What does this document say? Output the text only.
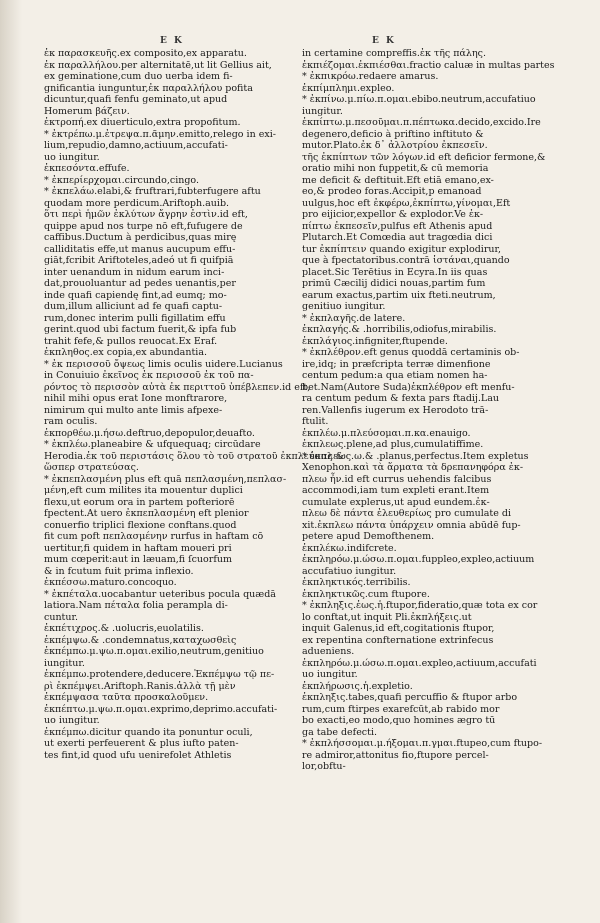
E K	E K
ἐκ παρασκευῆς.ex composito,ex apparatu.
ἐκ παραλλήλου.per alternitatē,ut lit Gellius ait,
ex geminatione,cum duo uerba idem fi-
gnificantia iunguntur,ἐκ παραλλήλου pofita
dicuntur,quafi fenfu geminato,ut apud
Homerum βάζειν.
ἐκτροπή.ex diuerticulo,extra propofitum.
* ἐκτρέπω.μ.ἐτρεψα.π.ᾶμην.emitto,relego in exi-
lium,repudio,damno,actiuum,accufati-
uo iungitur.
ἐκπεσόντα.effufe.
* ἐκπερίερχομαι.circundo,cingo.
* ἐκπελάω.elabi,& fruftrari,fubterfugere aftu
quodam more perdicum.Ariftoph.auib.
ὅτι περὶ ἡμῶν ἐκλύτων ἄγρην ἐστὶν.id eft,
quippe apud nos turpe nō eft,fufugere de
caffibus.Ductum à perdicibus,quas mirę
calliditatis effe,ut manus aucupum effu-
giāt,fcribit Ariftoteles,adeó ut fi quifpiā
inter uenandum in nidum earum inci-
dat,prouoluantur ad pedes uenantis,per
inde quafi capiendę fint,ad eumq; mo-
dum,illum alliciunt ad fe quafi captu-
rum,donec interim pulli figillatim effu
gerint.quod ubi factum fuerit,& ipfa fub
trahit fefe,& pullos reuocat.Ex Eraf.
ἐκπληθος.ex copia,ex abundantia.
* ἐκ περισσοῦ ὄψεως limis oculis uidere.Lucianus
in Conuiuio ἐκεῖνος ἐκ περισσοῦ ἐκ τοῦ πα-
ρόντος τὸ περισσὸν αὐτὰ ἐκ περιττοῦ ὑπέβλεπεν.id eft,
nihil mihi opus erat Ione monftrarore,
nimirum qui multo ante limis afpexe-
ram oculis.
ἐκπορθέω.μ.ήσω.deftruo,depopulor,deuafto.
* ἐκπλέω.planeabire & ufquequaq; circūdare
Herodia.ἐκ τοῦ περιστάσις ὅλου τὸ τοῦ στρατοῦ ἐκπλεύσας &
ὥσπερ στρατεύσας.
* ἐκπεπλασμένη plus eft quā πεπλασμένη,πεπλασ-
μένη,eft cum milites ita mouentur duplici
flexu,ut eorum ora in partem pofteriorē
fpectent.At uero ἐκπεπλασμένη eft plenior
conuerfio triplici flexione conftans.quod
fit cum poft πεπλασμένην rurfus in haftam cō
uertitur,fi quidem in haftam moueri pri
mum cœperit:aut in læuam,fi ſcuorfum
& in fcutum fuit prima inflexio.
ἐκπέσσω.maturo.concoquo.
* ἐκπέταλα.uocabantur ueteribus pocula quædā
latiora.Nam πέταλα folia perampla di-
cuntur.
ἐκπέτιχρος.& .uolucris,euolatilis.
ἐκπέμψω.& .condemnatus,καταχωσθεὶς
ἐκπέμπω.μ.ψω.π.ομαι.exilio,neutrum,genitiuo
iungitur.
ἐκπέμπω.protendere,deducere.Ἐκπέμψω τῷ πε-
ρὶ ἐκπέμψει.Ariftoph.Ranis.ἀλλὰ τῇ μὲν
ἐκπέμψασα ταῦτα προσκαλοῦμεν.
ἐκπέπτω.μ.ψω.π.ομαι.exprimo,deprimo.accufati-
uo iungitur.
ἐκπέμπω.dicitur quando ita ponuntur oculi,
ut exerti perfeuerent & plus iufto paten-
tes fint,id quod ufu uenirefolet Athletis
in certamine compreffis.ἐκ τῆς πάλης.
ἐκπιέζομαι.ἐκπιέσθαι.fractio caluæ in multas partes
* ἐκπικρόω.redaere amarus.
ἐκπίμπλημι.expleo.
* ἐκπίνω.μ.πίω.π.ομαι.ebibo.neutrum,accufatiuo
iungitur.
ἐκπίπτω.μ.πεσοῦμαι.π.πέπτωκα.decido,excido.Ire
degenero,deficio à priftino inftituto &
mutor.Plato.ἐκ δ᾽ ἀλλοτρίου ἐκπεσεῖν.
τῆς ἐκπίπτων τῶν λόγων.id eft deficior fermone,&
oratio mihi non fuppetit,& cū memoria
me deficit & deftituit.Eft etiā emano,ex-
eo,& prodeo foras.Accipit,p emanoad
uulgus,hoc eft ἐκφέρω,ἐκπίπτω,γίνομαι,Eft
pro eijicior,expellor & explodor.Ve ἐκ-
πίπτω ἐκπεσεῖν,pulfus eft Athenis apud
Plutarch.Et Comœdia aut tragœdia dici
tur ἐκπίπτειν quando exigitur explodirur,
que à fpectatoribus.contrā ἱστάναι,quando
placet.Sic Terētius in Ecyra.In iis quas
primū Cæcilij didici nouas,partim fum
earum exactus,partim uix fteti.neutrum,
genitiuo iungitur.
* ἐκπλαγῆς.de latere.
ἐκπλαγής.& .horribilis,odiofus,mirabilis.
ἐκπλάγιος.infigniter,ftupende.
* ἐκπλέθρον.eft genus quoddā certaminis ob-
ire,idq; in præfcripta terræ dimenfione
centum pedum:a qua etiam nomen ha-
bet.Nam(Autore Suda)ἐκπλέθρον eft menfu-
ra centum pedum & fexta pars ftadij.Lau
ren.Vallenfis iugerum ex Herodoto trā-
ftulit.
ἐκπλέω.μ.πλεύσομαι.π.κα.enauigo.
ἐκπλεως.plene,ad plus,cumulatiffime.
* ἐκπλεως.ω.& .planus,perfectus.Item expletus
Xenophon.καὶ τὰ ἅρματα τὰ δρεπανηφόρα ἐκ-
πλεω ἦν.id eft currus uehendis falcibus
accommodi,iam tum expleti erant.Item
cumulate explerus,ut apud eundem.ἐκ-
πλεω δὲ πάντα ἐλευθερίως pro cumulate di
xit.ἐκπλεω πάντα ὑπάρχειν omnia abūdē fup-
petere apud Demofthenem.
ἐκπλέκω.indifcrete.
ἐκπληρόω.μ.ώσω.π.ομαι.fuppleo,expleo,actiuum
accufatiuo iungitur.
ἐκπληκτικός.terribilis.
ἐκπληκτικῶς.cum ftupore.
* ἐκπληξις.ἐως.ἡ.ftupor,fideratio,quæ tota ex cor
lo conftat,ut inquit Pli.ἐκπλήξεις.ut
inquit Galenus,id eft,cogitationis ftupor,
ex repentina confternatione extrinfecus
adueniens.
ἐκπληρόω.μ.ώσω.π.ομαι.expleo,actiuum,accufati
uo iungitur.
ἐκπλήρωσις.ἡ.expletio.
ἐκπληξις.tabes,quafi percuffio & ftupor arbo
rum,cum ftirpes exarefcūt,ab rabido mor
bo exacti,eo modo,quo homines ægro tū
ga tabe defecti.
* ἐκπλήσσομαι.μ.ήξομαι.π.γμαι.ftupeo,cum ftupo-
re admiror,attonitus fio,ftupore percel-
lor,obftu-
